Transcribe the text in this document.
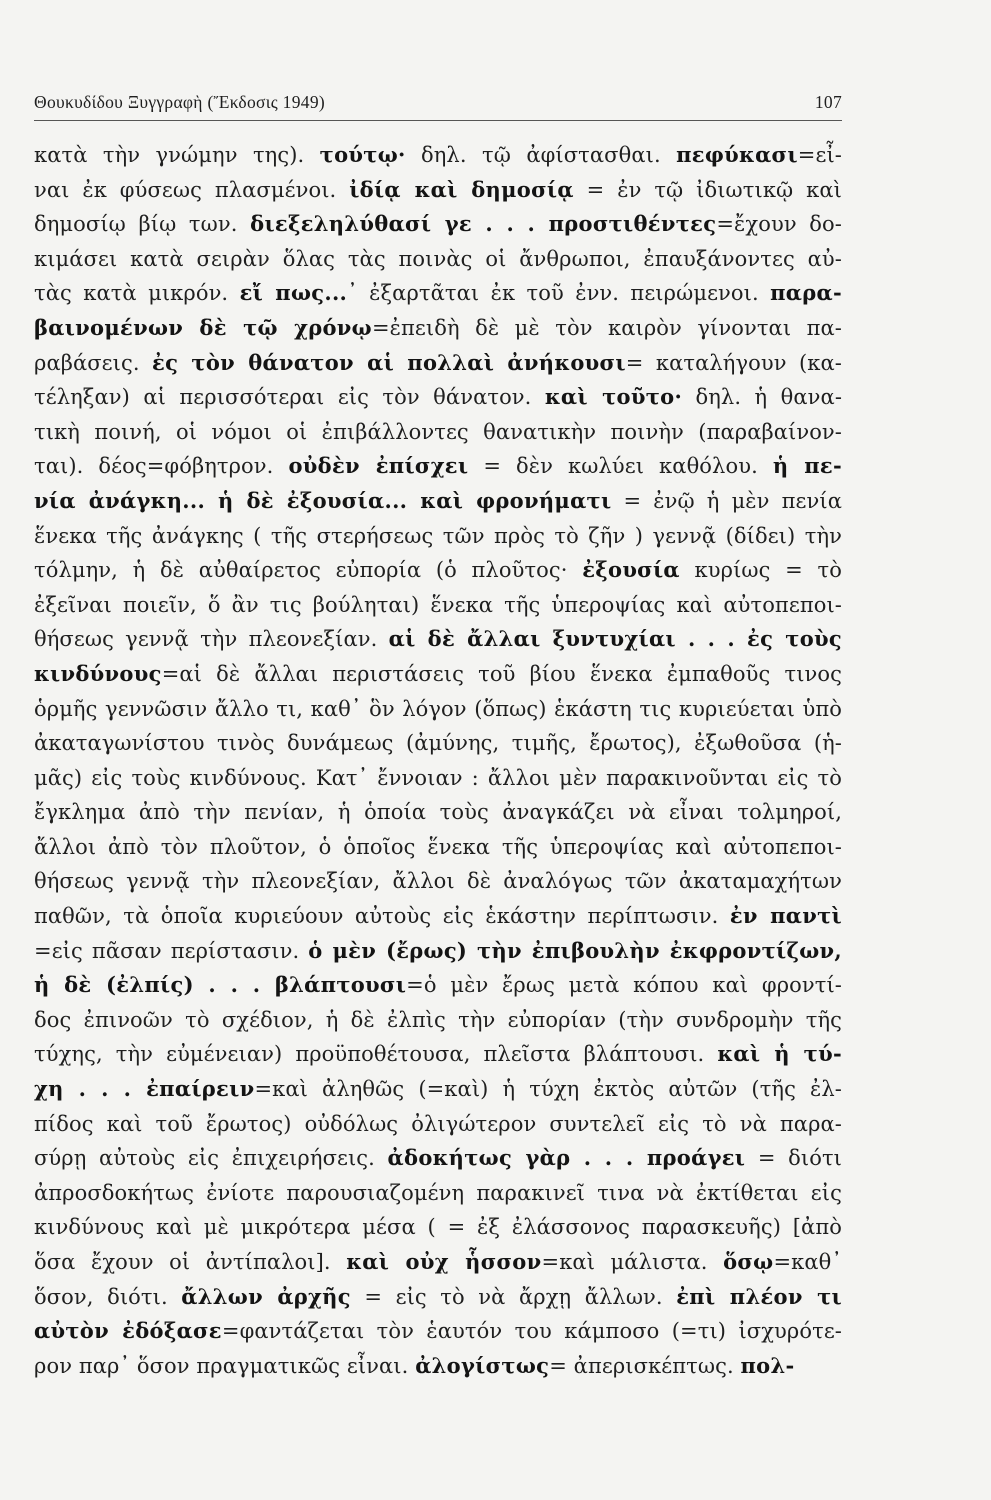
Θουκυδίδου Ξυγγραφὴ (Ἔκδοσις 1949)	107
κατὰ τὴν γνώμην της). τούτῳ· δηλ. τῷ ἀφίστασθαι. πεφύκασι=εἶ-
ναι ἐκ φύσεως πλασμένοι. ἰδίᾳ καὶ δημοσίᾳ = ἐν τῷ ἰδιωτικῷ καὶ
δημοσίῳ βίῳ των. διεξεληλύθασί γε . . . προστιθέντες=ἔχουν δο-
κιμάσει κατὰ σειρὰν ὅλας τὰς ποινὰς οἱ ἄνθρωποι, ἐπαυξάνοντες αὐ-
τὰς κατὰ μικρόν. εἴ πως...᾿ ἐξαρτᾶται ἐκ τοῦ ἐνν. πειρώμενοι. παρα-
βαινομένων δὲ τῷ χρόνῳ=ἐπειδὴ δὲ μὲ τὸν καιρὸν γίνονται πα-
ραβάσεις. ἐς τὸν θάνατον αἱ πολλαὶ ἀνήκουσι= καταλήγουν (κα-
τέληξαν) αἱ περισσότεραι εἰς τὸν θάνατον. καὶ τοῦτο· δηλ. ἡ θανα-
τικὴ ποινή, οἱ νόμοι οἱ ἐπιβάλλοντες θανατικὴν ποινὴν (παραβαίνον-
ται). δέος=φόβητρον. οὐδὲν ἐπίσχει = δὲν κωλύει καθόλου. ἡ πε-
νία ἀνάγκη... ἡ δὲ ἐξουσία... καὶ φρονήματι = ἐνῷ ἡ μὲν πενία
ἕνεκα τῆς ἀνάγκης ( τῆς στερήσεως τῶν πρὸς τὸ ζῆν ) γεννᾷ (δίδει) τὴν
τόλμην, ἡ δὲ αὐθαίρετος εὐπορία (ὁ πλοῦτος· ἐξουσία κυρίως = τὸ
ἐξεῖναι ποιεῖν, ὅ ἂν τις βούληται) ἕνεκα τῆς ὑπεροψίας καὶ αὐτοπεποι-
θήσεως γεννᾷ τὴν πλεονεξίαν. αἱ δὲ ἄλλαι ξυντυχίαι . . . ἐς τοὺς
κινδύνους=αἱ δὲ ἄλλαι περιστάσεις τοῦ βίου ἕνεκα ἐμπαθοῦς τινος
ὁρμῆς γεννῶσιν ἄλλο τι, καθ᾿ ὃν λόγον (ὅπως) ἑκάστη τις κυριεύεται ὑπὸ
ἀκαταγωνίστου τινὸς δυνάμεως (ἀμύνης, τιμῆς, ἔρωτος), ἐξωθοῦσα (ἡ-
μᾶς) εἰς τοὺς κινδύνους. Κατ᾿ ἔννοιαν : ἄλλοι μὲν παρακινοῦνται εἰς τὸ
ἔγκλημα ἀπὸ τὴν πενίαν, ἡ ὁποία τοὺς ἀναγκάζει νὰ εἶναι τολμηροί,
ἄλλοι ἀπὸ τὸν πλοῦτον, ὁ ὁποῖος ἕνεκα τῆς ὑπεροψίας καὶ αὐτοπεποι-
θήσεως γεννᾷ τὴν πλεονεξίαν, ἄλλοι δὲ ἀναλόγως τῶν ἀκαταμαχήτων
παθῶν, τὰ ὁποῖα κυριεύουν αὐτοὺς εἰς ἑκάστην περίπτωσιν. ἐν παντὶ
=εἰς πᾶσαν περίστασιν. ὁ μὲν (ἔρως) τὴν ἐπιβουλὴν ἐκφροντίζων,
ἡ δὲ (ἐλπίς) . . . βλάπτουσι=ὁ μὲν ἔρως μετὰ κόπου καὶ φροντί-
δος ἐπινοῶν τὸ σχέδιον, ἡ δὲ ἐλπὶς τὴν εὐπορίαν (τὴν συνδρομὴν τῆς
τύχης, τὴν εὐμένειαν) προϋποθέτουσα, πλεῖστα βλάπτουσι. καὶ ἡ τύ-
χη . . . ἐπαίρειν=καὶ ἀληθῶς (=καὶ) ἡ τύχη ἐκτὸς αὐτῶν (τῆς ἐλ-
πίδος καὶ τοῦ ἔρωτος) οὐδόλως ὀλιγώτερον συντελεῖ εἰς τὸ νὰ παρα-
σύρῃ αὐτοὺς εἰς ἐπιχειρήσεις. ἀδοκήτως γὰρ . . . προάγει = διότι
ἀπροσδοκήτως ἐνίοτε παρουσιαζομένη παρακινεῖ τινα νὰ ἐκτίθεται εἰς
κινδύνους καὶ μὲ μικρότερα μέσα ( = ἐξ ἐλάσσονος παρασκευῆς) [ἀπὸ
ὅσα ἔχουν οἱ ἀντίπαλοι]. καὶ οὐχ ἧσσον=καὶ μάλιστα. ὅσῳ=καθ᾿
ὅσον, διότι. ἄλλων ἀρχῆς = εἰς τὸ νὰ ἄρχῃ ἄλλων. ἐπὶ πλέον τι
αὐτὸν ἐδόξασε=φαντάζεται τὸν ἑαυτόν του κάμποσο (=τι) ἰσχυρότε-
ρον παρ᾿ ὅσον πραγματικῶς εἶναι. ἀλογίστως= ἀπερισκέπτως. πολ-
